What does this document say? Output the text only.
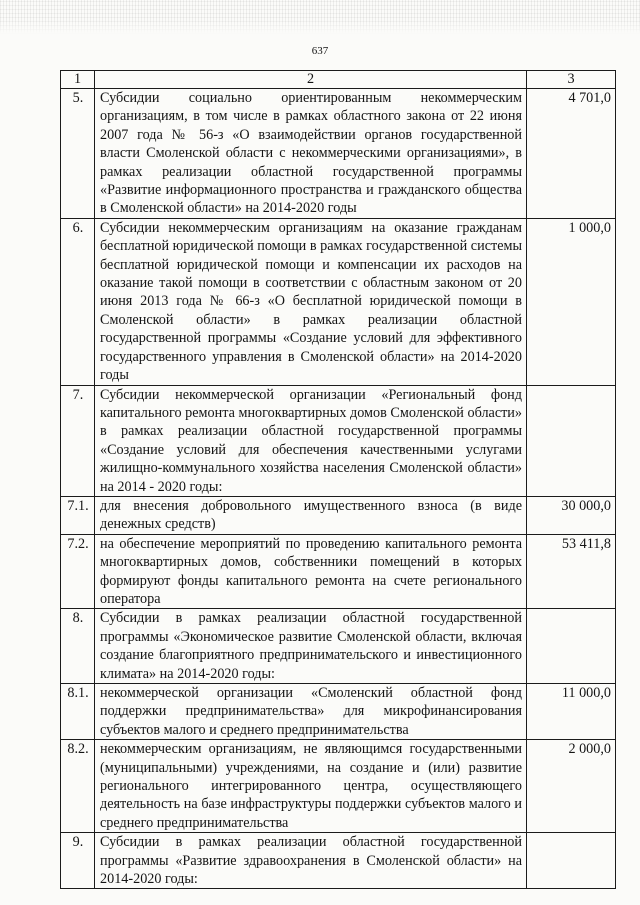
637
1	2	3
5.	Субсидии социально ориентированным некоммерческим организациям, в том числе в рамках областного закона от 22 июня 2007 года № 56-з «О взаимодействии органов государственной власти Смоленской области с некоммерческими организациями», в рамках реализации областной государственной программы «Развитие информационного пространства и гражданского общества в Смоленской области» на 2014-2020 годы	4 701,0
6.	Субсидии некоммерческим организациям на оказание гражданам бесплатной юридической помощи в рамках государственной системы бесплатной юридической помощи и компенсации их расходов на оказание такой помощи в соответствии с областным законом от 20 июня 2013 года № 66-з «О бесплатной юридической помощи в Смоленской области» в рамках реализации областной государственной программы «Создание условий для эффективного государственного управления в Смоленской области» на 2014-2020 годы	1 000,0
7.	Субсидии некоммерческой организации «Региональный фонд капитального ремонта многоквартирных домов Смоленской области» в рамках реализации областной государственной программы «Создание условий для обеспечения качественными услугами жилищно-коммунального хозяйства населения Смоленской области» на 2014 - 2020 годы:	
7.1.	для внесения добровольного имущественного взноса (в виде денежных средств)	30 000,0
7.2.	на обеспечение мероприятий по проведению капитального ремонта многоквартирных домов, собственники помещений в которых формируют фонды капитального ремонта на счете регионального оператора	53 411,8
8.	Субсидии в рамках реализации областной государственной программы «Экономическое развитие Смоленской области, включая создание благоприятного предпринимательского и инвестиционного климата» на 2014-2020 годы:	
8.1.	некоммерческой организации «Смоленский областной фонд поддержки предпринимательства» для микрофинансирования субъектов малого и среднего предпринимательства	11 000,0
8.2.	некоммерческим организациям, не являющимся государственными (муниципальными) учреждениями, на создание и (или) развитие регионального интегрированного центра, осуществляющего деятельность на базе инфраструктуры поддержки субъектов малого и среднего предпринимательства	2 000,0
9.	Субсидии в рамках реализации областной государственной программы «Развитие здравоохранения в Смоленской области» на 2014-2020 годы:	
